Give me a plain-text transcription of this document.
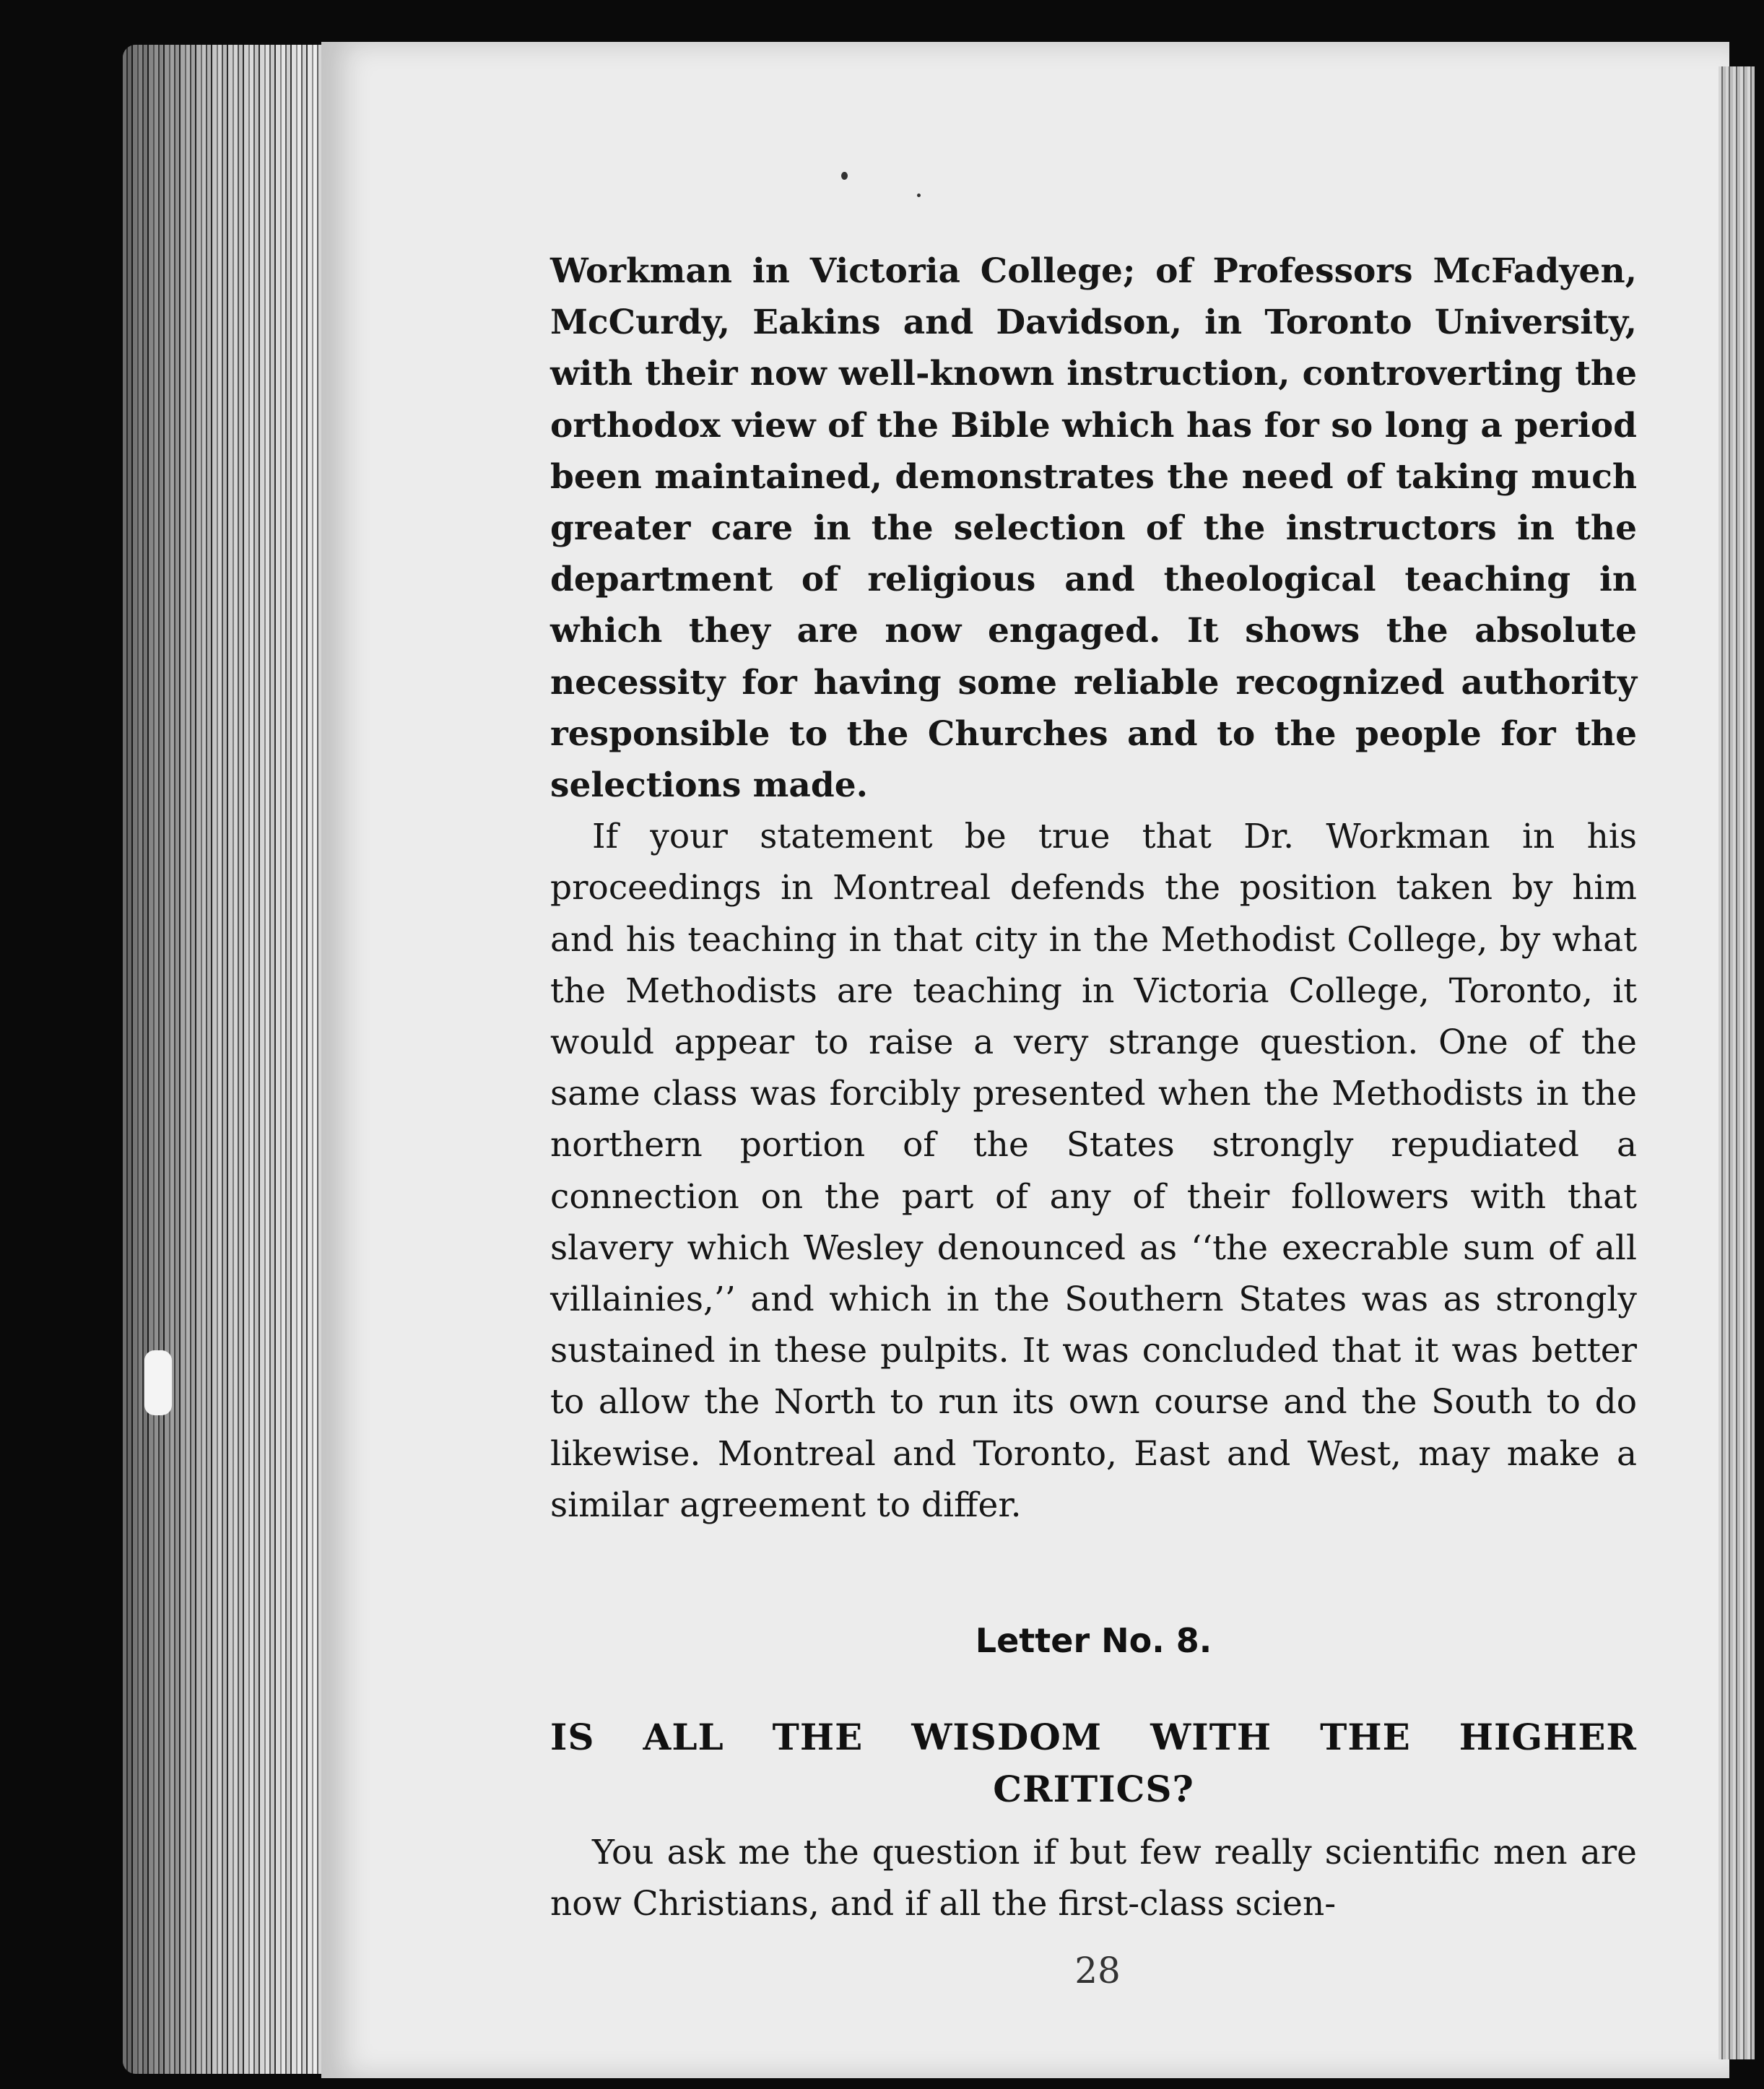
Workman in Victoria College; of Professors McFadyen, McCurdy, Eakins and Davidson, in Toronto University, with their now well-known instruction, controverting the orthodox view of the Bible which has for so long a period been maintained, demonstrates the need of taking much greater care in the selection of the instructors in the department of religious and theological teaching in which they are now engaged. It shows the absolute necessity for having some reliable recognized authority responsible to the Churches and to the people for the selections made.

If your statement be true that Dr. Workman in his proceedings in Montreal defends the position taken by him and his teaching in that city in the Methodist College, by what the Methodists are teaching in Victoria College, Toronto, it would appear to raise a very strange question. One of the same class was forcibly presented when the Methodists in the northern portion of the States strongly repudiated a connection on the part of any of their followers with that slavery which Wesley denounced as ‘‘the execrable sum of all villainies,’’ and which in the Southern States was as strongly sustained in these pulpits. It was concluded that it was better to allow the North to run its own course and the South to do likewise. Montreal and Toronto, East and West, may make a similar agreement to differ.

Letter No. 8.
IS ALL THE WISDOM WITH THE HIGHER CRITICS?
You ask me the question if but few really scientific men are now Christians, and if all the first-class scien-
28
